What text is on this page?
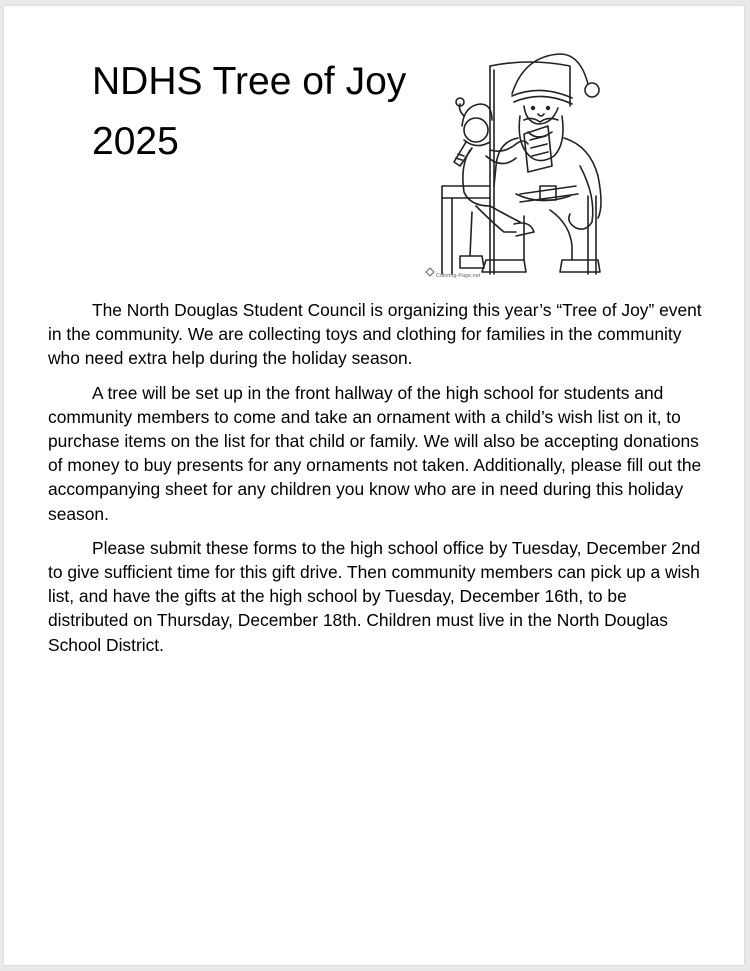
NDHS Tree of Joy 2025
Coloring-Page.net

The North Douglas Student Council is organizing this year’s “Tree of Joy” event in the community. We are collecting toys and clothing for families in the community who need extra help during the holiday season.

A tree will be set up in the front hallway of the high school for students and community members to come and take an ornament with a child’s wish list on it, to purchase items on the list for that child or family. We will also be accepting donations of money to buy presents for any ornaments not taken. Additionally, please fill out the accompanying sheet for any children you know who are in need during this holiday season.

Please submit these forms to the high school office by Tuesday, December 2nd to give sufficient time for this gift drive. Then community members can pick up a wish list, and have the gifts at the high school by Tuesday, December 16th, to be distributed on Thursday, December 18th. Children must live in the North Douglas School District.
